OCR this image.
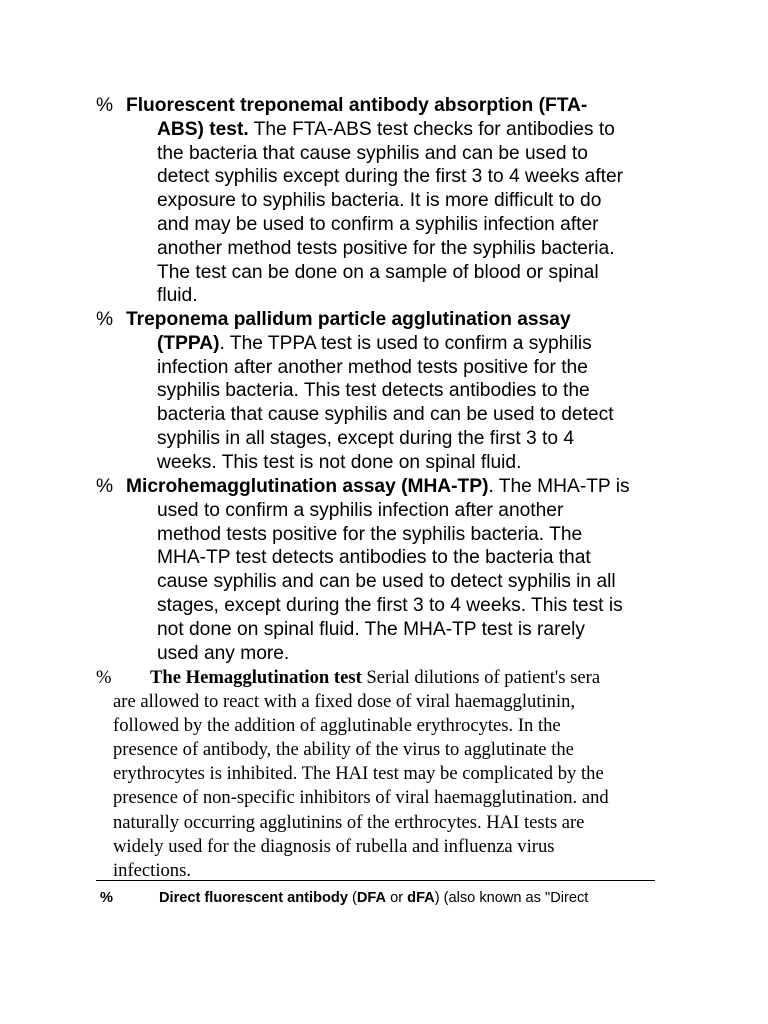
% Fluorescent treponemal antibody absorption (FTA-
ABS) test. The FTA-ABS test checks for antibodies to
the bacteria that cause syphilis and can be used to
detect syphilis except during the first 3 to 4 weeks after
exposure to syphilis bacteria. It is more difficult to do
and may be used to confirm a syphilis infection after
another method tests positive for the syphilis bacteria.
The test can be done on a sample of blood or spinal
fluid.
% Treponema pallidum particle agglutination assay
(TPPA). The TPPA test is used to confirm a syphilis
infection after another method tests positive for the
syphilis bacteria. This test detects antibodies to the
bacteria that cause syphilis and can be used to detect
syphilis in all stages, except during the first 3 to 4
weeks. This test is not done on spinal fluid.
% Microhemagglutination assay (MHA-TP). The MHA-TP is
used to confirm a syphilis infection after another
method tests positive for the syphilis bacteria. The
MHA-TP test detects antibodies to the bacteria that
cause syphilis and can be used to detect syphilis in all
stages, except during the first 3 to 4 weeks. This test is
not done on spinal fluid. The MHA-TP test is rarely
used any more.
%	The Hemagglutination test Serial dilutions of patient's sera
are allowed to react with a fixed dose of viral haemagglutinin,
followed by the addition of agglutinable erythrocytes. In the
presence of antibody, the ability of the virus to agglutinate the
erythrocytes is inhibited. The HAI test may be complicated by the
presence of non-specific inhibitors of viral haemagglutination. and
naturally occurring agglutinins of the erthrocytes. HAI tests are
widely used for the diagnosis of rubella and influenza virus
infections.
%	Direct fluorescent antibody (DFA or dFA) (also known as "Direct
